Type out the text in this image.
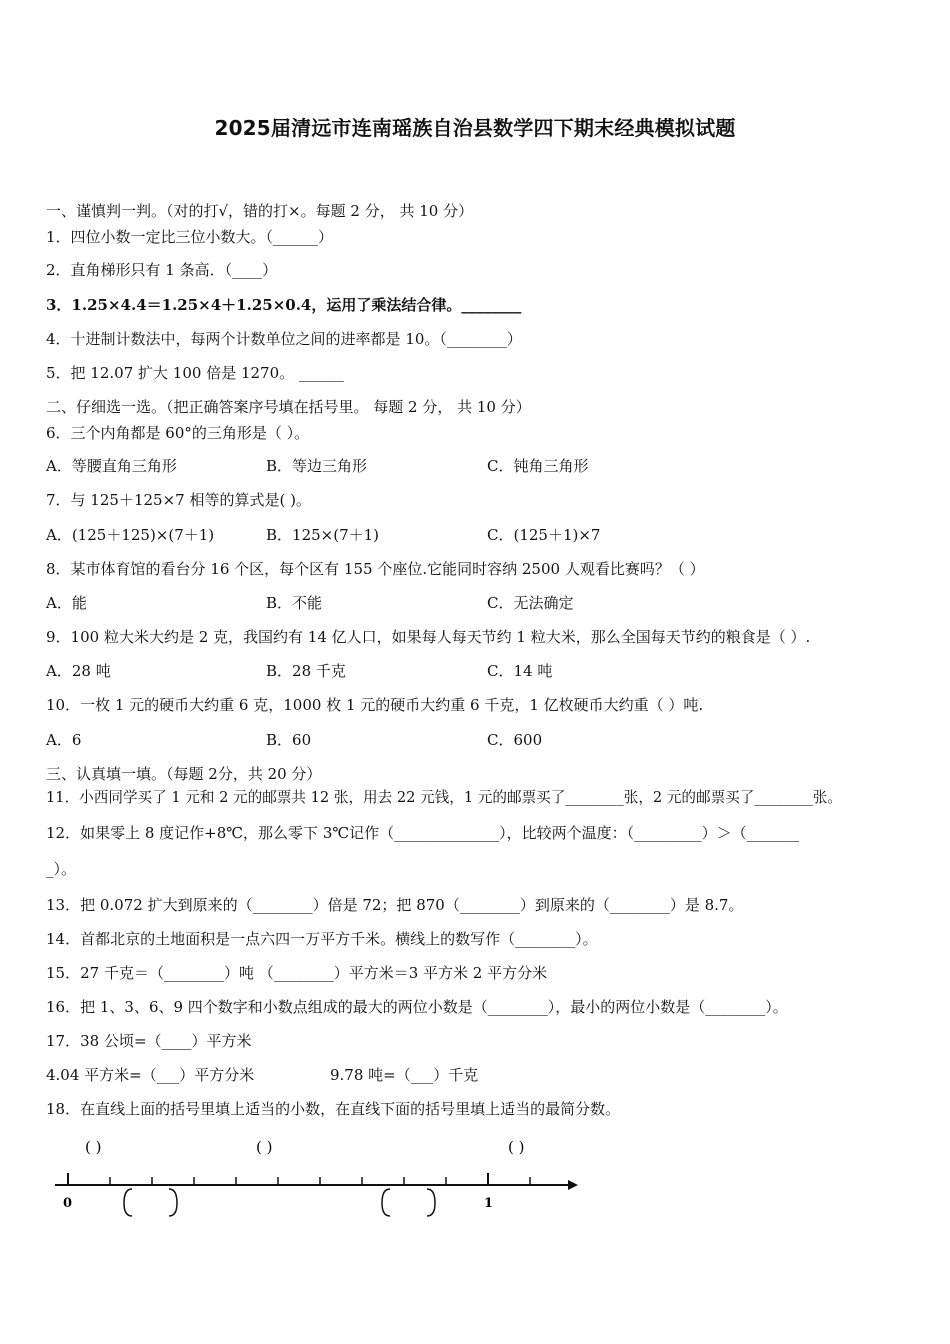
2025届清远市连南瑶族自治县数学四下期末经典模拟试题
一、谨慎判一判。（对的打√，错的打×。每题 2 分， 共 10 分）
1．四位小数一定比三位小数大。（______）
2．直角梯形只有 1 条高．（____）
3．1.25×4.4＝1.25×4＋1.25×0.4，运用了乘法结合律。________
4．十进制计数法中，每两个计数单位之间的进率都是 10。（________）
5．把 12.07 扩大 100 倍是 1270。 ______
二、仔细选一选。（把正确答案序号填在括号里。 每题 2 分， 共 10 分）
6．三个内角都是 60°的三角形是（ ）。
A．等腰直角三角形	B．等边三角形	C．钝角三角形
7．与 125＋125×7 相等的算式是( )。
A．(125＋125)×(7＋1)	B．125×(7＋1)	C．(125＋1)×7
8．某市体育馆的看台分 16 个区，每个区有 155 个座位.它能同时容纳 2500 人观看比赛吗？（ ）
A．能	B．不能	C．无法确定
9．100 粒大米大约是 2 克，我国约有 14 亿人口，如果每人每天节约 1 粒大米，那么全国每天节约的粮食是（ ）.
A．28 吨	B．28 千克	C．14 吨
10．一枚 1 元的硬币大约重 6 克，1000 枚 1 元的硬币大约重 6 千克，1 亿枚硬币大约重（ ）吨.
A．6	B．60	C．600
三、认真填一填。（每题 2分，共 20 分）
11．小西同学买了 1 元和 2 元的邮票共 12 张，用去 22 元钱，1 元的邮票买了________张，2 元的邮票买了________张。
12．如果零上 8 度记作+8℃，那么零下 3℃记作（______________），比较两个温度：（_________）＞（_______
_）。
13．把 0.072 扩大到原来的（________）倍是 72；把 870（________）到原来的（________）是 8.7。
14．首都北京的土地面积是一点六四一万平方千米。横线上的数写作（________）。
15．27 千克＝（________）吨 （________）平方米＝3 平方米 2 平方分米
16．把 1、3、6、9 四个数字和小数点组成的最大的两位小数是（________），最小的两位小数是（________）。
17．38 公顷=（____）平方米
4.04 平方米=（___）平方分米	9.78 吨=（___）千克
18．在直线上面的括号里填上适当的小数，在直线下面的括号里填上适当的最简分数。
( )	( )	( )
0	1
